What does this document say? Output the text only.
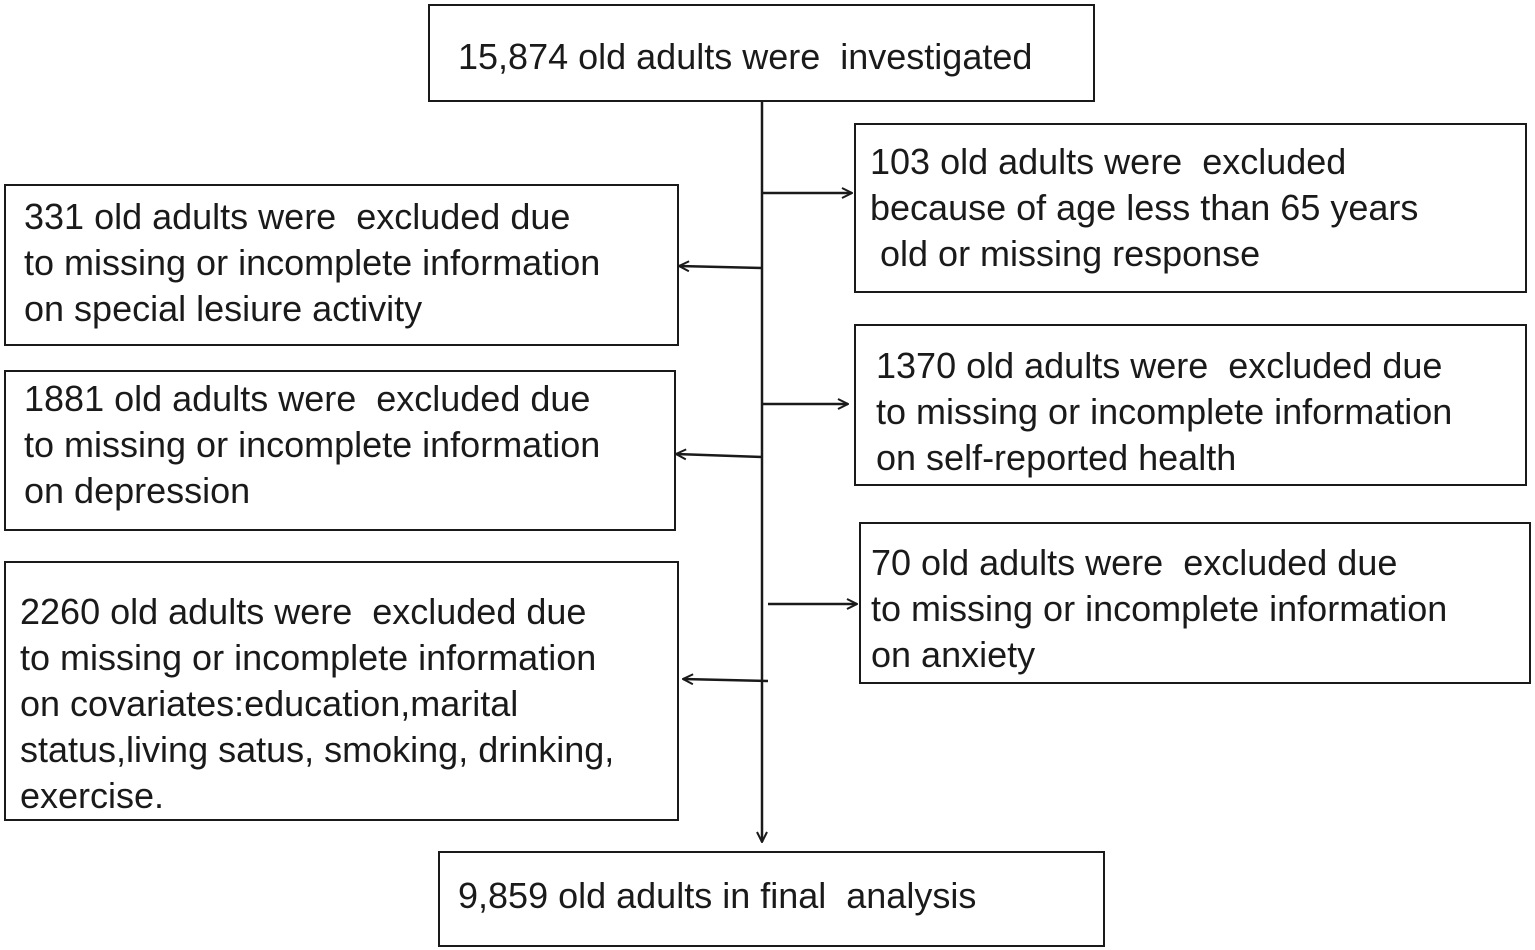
15,874 old adults were  investigated
103 old adults were  excluded
because of age less than 65 years
old or missing response
331 old adults were  excluded due
to missing or incomplete information
on special lesiure activity
1370 old adults were  excluded due
to missing or incomplete information
on self-reported health
1881 old adults were  excluded due
to missing or incomplete information
on depression
70 old adults were  excluded due
to missing or incomplete information
on anxiety
2260 old adults were  excluded due
to missing or incomplete information
on covariates:education,marital
status,living satus, smoking, drinking,
exercise.
9,859 old adults in final  analysis
